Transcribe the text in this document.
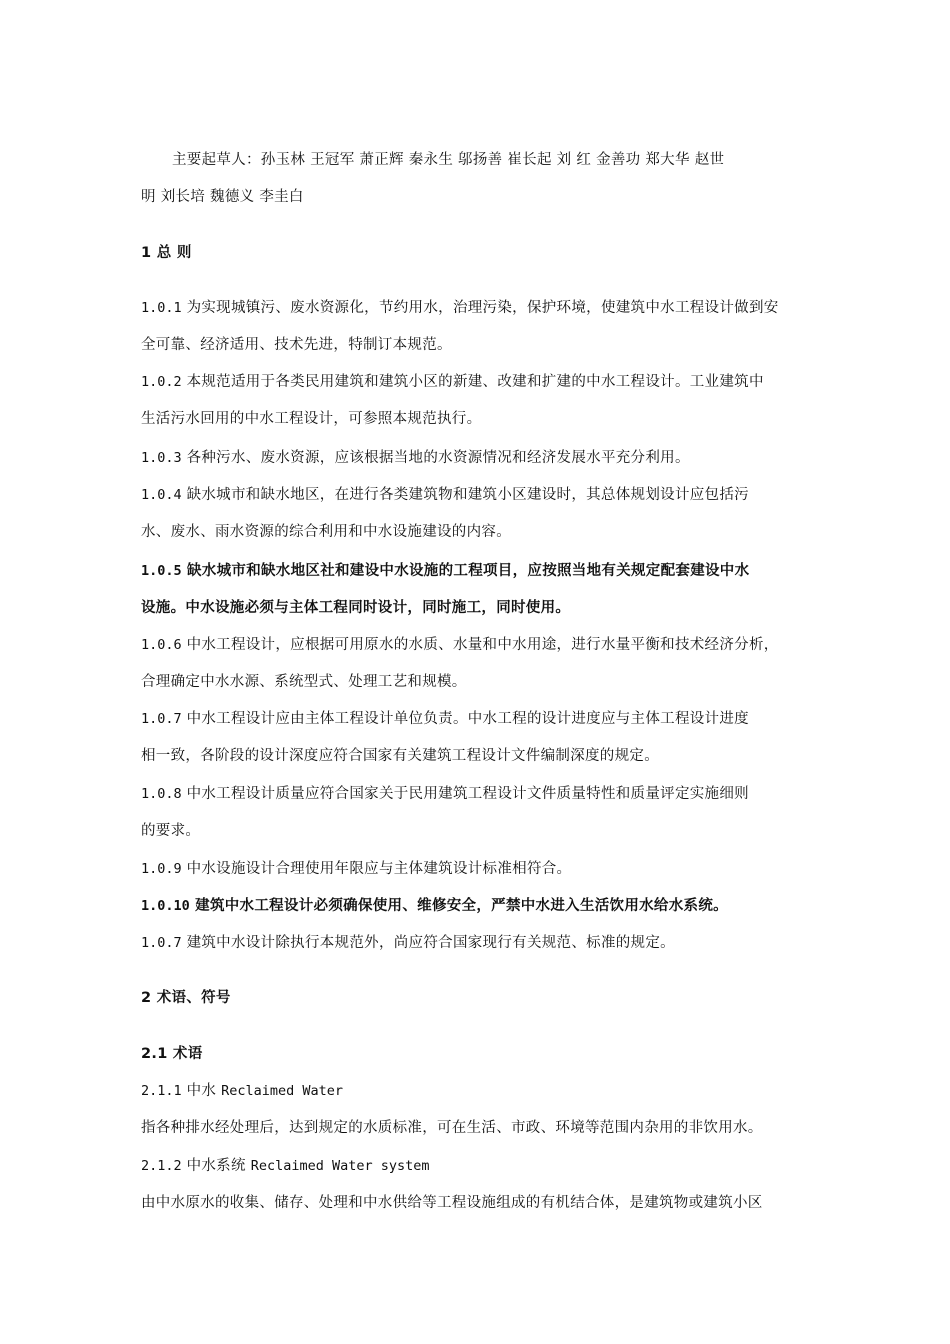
主要起草人：孙玉林 王冠军 萧正辉 秦永生 邬扬善 崔长起 刘 红 金善功 郑大华 赵世
明 刘长培 魏德义 李圭白
1 总 则
1.0.1 为实现城镇污、废水资源化，节约用水，治理污染，保护环境，使建筑中水工程设计做到安
全可靠、经济适用、技术先进，特制订本规范。
1.0.2 本规范适用于各类民用建筑和建筑小区的新建、改建和扩建的中水工程设计。工业建筑中
生活污水回用的中水工程设计，可参照本规范执行。
1.0.3 各种污水、废水资源，应该根据当地的水资源情况和经济发展水平充分利用。
1.0.4 缺水城市和缺水地区，在进行各类建筑物和建筑小区建设时，其总体规划设计应包括污
水、废水、雨水资源的综合利用和中水设施建设的内容。
1.0.5 缺水城市和缺水地区社和建设中水设施的工程项目，应按照当地有关规定配套建设中水
设施。中水设施必须与主体工程同时设计，同时施工，同时使用。
1.0.6 中水工程设计，应根据可用原水的水质、水量和中水用途，进行水量平衡和技术经济分析，
合理确定中水水源、系统型式、处理工艺和规模。
1.0.7 中水工程设计应由主体工程设计单位负责。中水工程的设计进度应与主体工程设计进度
相一致，各阶段的设计深度应符合国家有关建筑工程设计文件编制深度的规定。
1.0.8 中水工程设计质量应符合国家关于民用建筑工程设计文件质量特性和质量评定实施细则
的要求。
1.0.9 中水设施设计合理使用年限应与主体建筑设计标准相符合。
1.0.10 建筑中水工程设计必须确保使用、维修安全，严禁中水进入生活饮用水给水系统。
1.0.7 建筑中水设计除执行本规范外，尚应符合国家现行有关规范、标准的规定。
2 术语、符号
2.1 术语
2.1.1 中水 Reclaimed Water
指各种排水经处理后，达到规定的水质标准，可在生活、市政、环境等范围内杂用的非饮用水。
2.1.2 中水系统 Reclaimed Water system
由中水原水的收集、储存、处理和中水供给等工程设施组成的有机结合体，是建筑物或建筑小区
